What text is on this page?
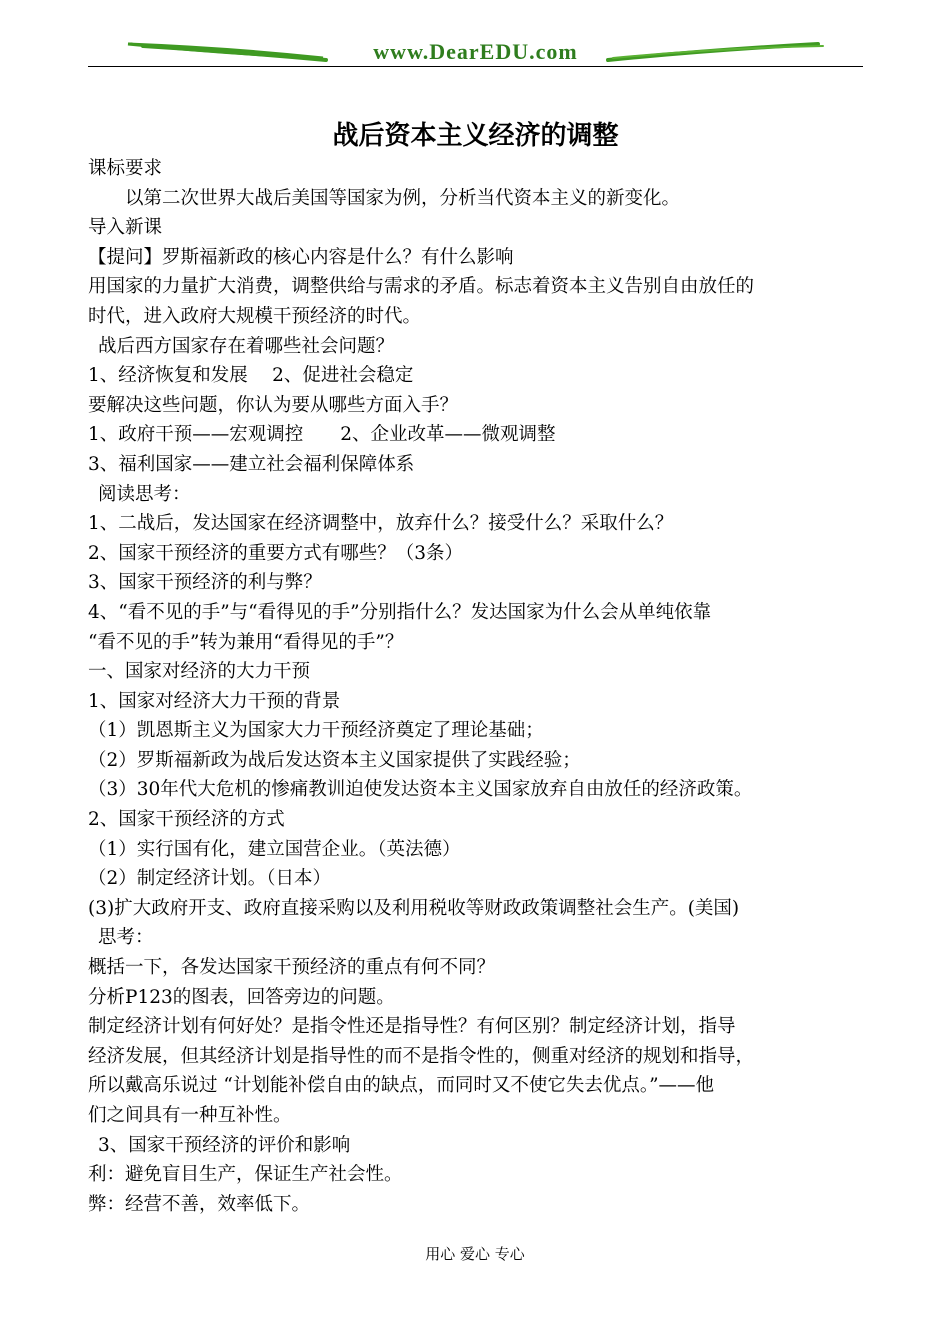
www.DearEDU.com
战后资本主义经济的调整

课标要求

以第二次世界大战后美国等国家为例，分析当代资本主义的新变化。

导入新课

【提问】罗斯福新政的核心内容是什么？有什么影响

用国家的力量扩大消费，调整供给与需求的矛盾。标志着资本主义告别自由放任的

时代，进入政府大规模干预经济的时代。

战后西方国家存在着哪些社会问题？

1、经济恢复和发展　 2、促进社会稳定

要解决这些问题，你认为要从哪些方面入手？

1、政府干预——宏观调控　　2、企业改革——微观调整

3、福利国家——建立社会福利保障体系

阅读思考：

1、二战后，发达国家在经济调整中，放弃什么？接受什么？采取什么？

2、国家干预经济的重要方式有哪些？（3条）

3、国家干预经济的利与弊？

4、“看不见的手”与“看得见的手”分别指什么？发达国家为什么会从单纯依靠

“看不见的手”转为兼用“看得见的手”？

一、国家对经济的大力干预

1、国家对经济大力干预的背景

（1）凯恩斯主义为国家大力干预经济奠定了理论基础；

（2）罗斯福新政为战后发达资本主义国家提供了实践经验；

（3）30年代大危机的惨痛教训迫使发达资本主义国家放弃自由放任的经济政策。

2、国家干预经济的方式

（1）实行国有化，建立国营企业。（英法德）

（2）制定经济计划。（日本）

(3)扩大政府开支、政府直接采购以及利用税收等财政政策调整社会生产。(美国)

思考：

概括一下，各发达国家干预经济的重点有何不同？

分析P123的图表，回答旁边的问题。

制定经济计划有何好处？是指令性还是指导性？有何区别？制定经济计划，指导

经济发展，但其经济计划是指导性的而不是指令性的，侧重对经济的规划和指导，

所以戴高乐说过 “计划能补偿自由的缺点，而同时又不使它失去优点。”——他

们之间具有一种互补性。

3、国家干预经济的评价和影响

利：避免盲目生产，保证生产社会性。

弊：经营不善，效率低下。

用心 爱心 专心
